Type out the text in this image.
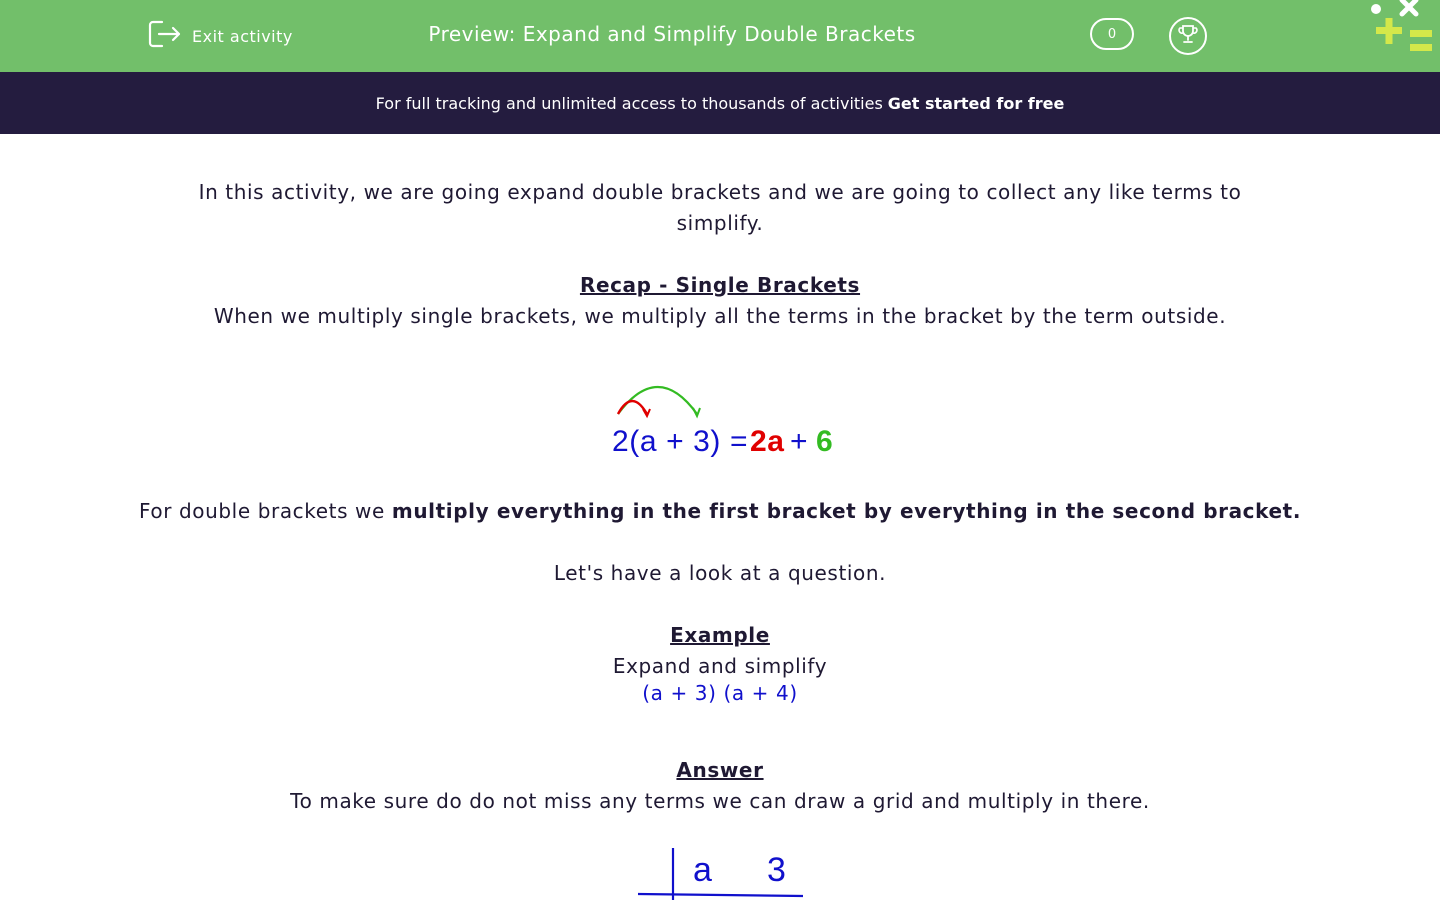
Exit activity	Preview: Expand and Simplify Double Brackets	0
For full tracking and unlimited access to thousands of activities Get started for free
In this activity, we are going expand double brackets and we are going to collect any like terms to simplify.
Recap - Single Brackets
When we multiply single brackets, we multiply all the terms in the bracket by the term outside.
2(a + 3) = 2a + 6
For double brackets we multiply everything in the first bracket by everything in the second bracket.
Let's have a look at a question.
Example
Expand and simplify
(a + 3) (a + 4)
Answer
To make sure do do not miss any terms we can draw a grid and multiply in there.
a 3
